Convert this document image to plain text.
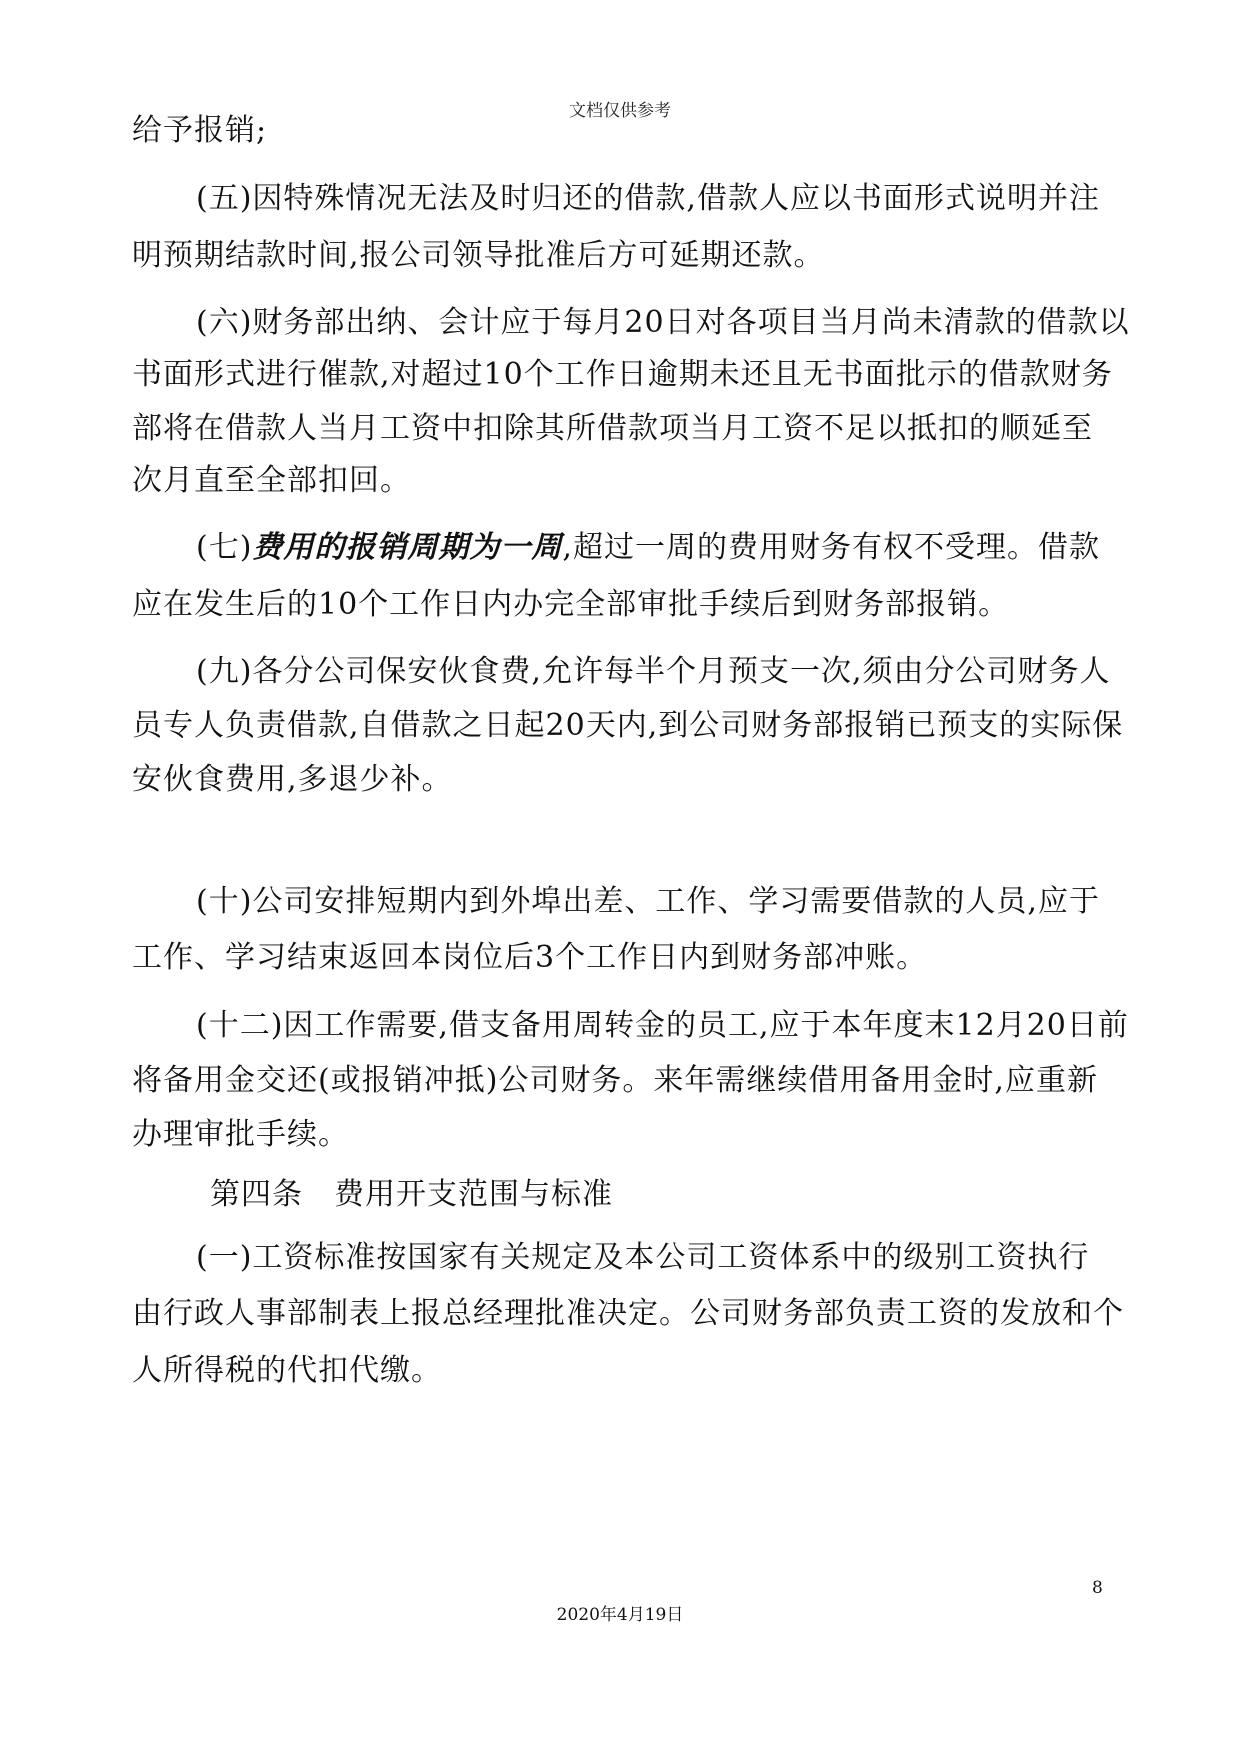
文档仅供参考
给予报销;
(五)因特殊情况无法及时归还的借款,借款人应以书面形式说明并注
明预期结款时间,报公司领导批准后方可延期还款。
(六)财务部出纳、会计应于每月20日对各项目当月尚未清款的借款以
书面形式进行催款,对超过10个工作日逾期未还且无书面批示的借款财务
部将在借款人当月工资中扣除其所借款项当月工资不足以抵扣的顺延至
次月直至全部扣回。
(七)费用的报销周期为一周,超过一周的费用财务有权不受理。借款
应在发生后的10个工作日内办完全部审批手续后到财务部报销。
(九)各分公司保安伙食费,允许每半个月预支一次,须由分公司财务人
员专人负责借款,自借款之日起20天内,到公司财务部报销已预支的实际保
安伙食费用,多退少补。
(十)公司安排短期内到外埠出差、工作、学习需要借款的人员,应于
工作、学习结束返回本岗位后3个工作日内到财务部冲账。
(十二)因工作需要,借支备用周转金的员工,应于本年度末12月20日前
将备用金交还(或报销冲抵)公司财务。来年需继续借用备用金时,应重新
办理审批手续。
第四条　费用开支范围与标准
(一)工资标准按国家有关规定及本公司工资体系中的级别工资执行
由行政人事部制表上报总经理批准决定。公司财务部负责工资的发放和个
人所得税的代扣代缴。
8
2020年4月19日
